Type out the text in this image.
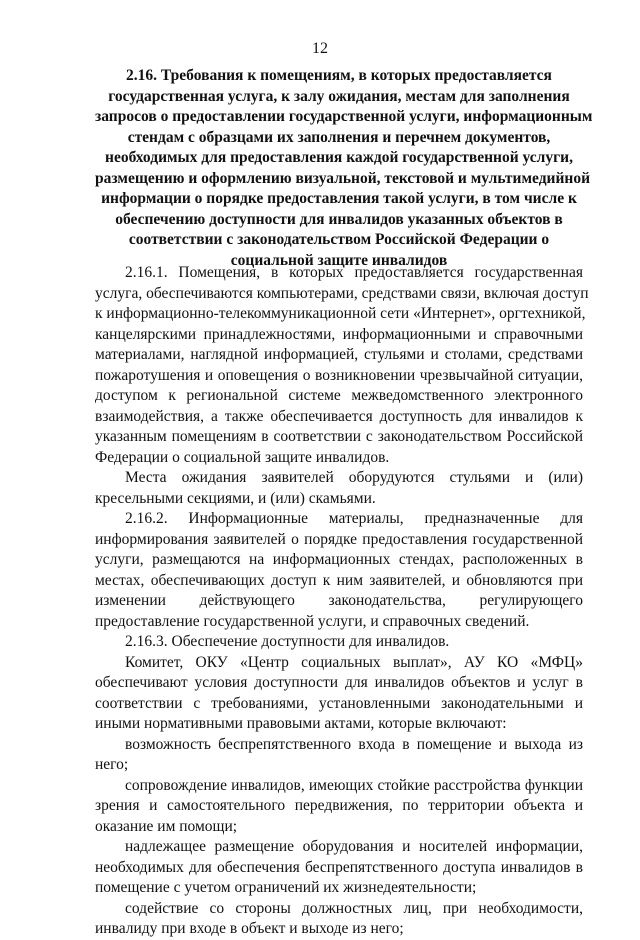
12
2.16. Требования к помещениям, в которых предоставляется
государственная услуга, к залу ожидания, местам для заполнения
запросов о предоставлении государственной услуги, информационным
стендам с образцами их заполнения и перечнем документов,
необходимых для предоставления каждой государственной услуги,
размещению и оформлению визуальной, текстовой и мультимедийной
информации о порядке предоставления такой услуги, в том числе к
обеспечению доступности для инвалидов указанных объектов в
соответствии с законодательством Российской Федерации о
социальной защите инвалидов
2.16.1. Помещения, в которых предоставляется государственная
услуга, обеспечиваются компьютерами, средствами связи, включая доступ
к информационно-телекоммуникационной сети «Интернет», оргтехникой,
канцелярскими принадлежностями, информационными и справочными
материалами, наглядной информацией, стульями и столами, средствами
пожаротушения и оповещения о возникновении чрезвычайной ситуации,
доступом к региональной системе межведомственного электронного
взаимодействия, а также обеспечивается доступность для инвалидов к
указанным помещениям в соответствии с законодательством Российской
Федерации о социальной защите инвалидов.
Места ожидания заявителей оборудуются стульями и (или)
кресельными секциями, и (или) скамьями.
2.16.2. Информационные материалы, предназначенные для
информирования заявителей о порядке предоставления государственной
услуги, размещаются на информационных стендах, расположенных в
местах, обеспечивающих доступ к ним заявителей, и обновляются при
изменении действующего законодательства, регулирующего
предоставление государственной услуги, и справочных сведений.
2.16.3. Обеспечение доступности для инвалидов.
Комитет, ОКУ «Центр социальных выплат», АУ КО «МФЦ»
обеспечивают условия доступности для инвалидов объектов и услуг в
соответствии с требованиями, установленными законодательными и
иными нормативными правовыми актами, которые включают:
возможность беспрепятственного входа в помещение и выхода из
него;
сопровождение инвалидов, имеющих стойкие расстройства функции
зрения и самостоятельного передвижения, по территории объекта и
оказание им помощи;
надлежащее размещение оборудования и носителей информации,
необходимых для обеспечения беспрепятственного доступа инвалидов в
помещение с учетом ограничений их жизнедеятельности;
содействие со стороны должностных лиц, при необходимости,
инвалиду при входе в объект и выходе из него;
